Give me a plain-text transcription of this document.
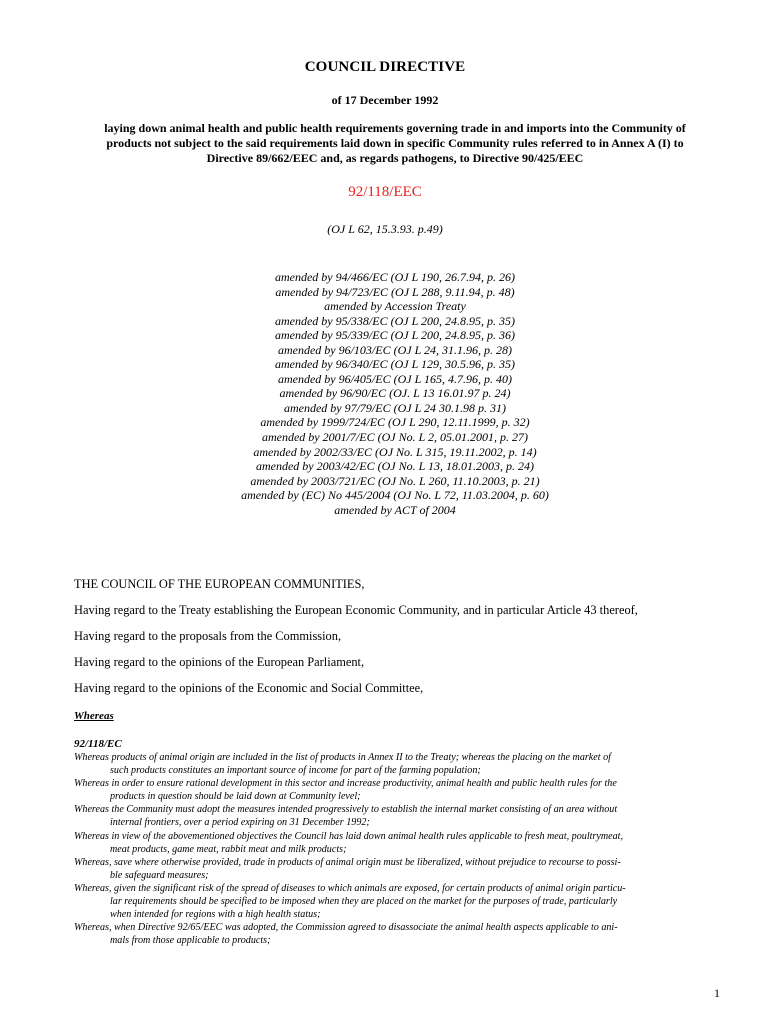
COUNCIL DIRECTIVE
of 17 December 1992
laying down animal health and public health requirements governing trade in and imports into the Community of
products not subject to the said requirements laid down in specific Community rules referred to in Annex A (I) to
Directive 89/662/EEC and, as regards pathogens, to Directive 90/425/EEC
92/118/EEC
(OJ L 62, 15.3.93. p.49)
amended by 94/466/EC (OJ L 190, 26.7.94, p. 26)
amended by 94/723/EC (OJ L 288, 9.11.94, p. 48)
amended by Accession Treaty
amended by 95/338/EC (OJ L 200, 24.8.95, p. 35)
amended by 95/339/EC (OJ L 200, 24.8.95, p. 36)
amended by 96/103/EC (OJ L 24, 31.1.96, p. 28)
amended by 96/340/EC (OJ L 129, 30.5.96, p. 35)
amended by 96/405/EC (OJ L 165, 4.7.96, p. 40)
amended by 96/90/EC (OJ. L 13 16.01.97 p. 24)
amended by 97/79/EC (OJ L 24 30.1.98 p. 31)
amended by 1999/724/EC (OJ L 290, 12.11.1999, p. 32)
amended by 2001/7/EC (OJ No. L 2, 05.01.2001, p. 27)
amended by 2002/33/EC (OJ No. L 315, 19.11.2002, p. 14)
amended by 2003/42/EC (OJ No. L 13, 18.01.2003, p. 24)
amended by 2003/721/EC (OJ No. L 260, 11.10.2003, p. 21)
amended by (EC) No 445/2004 (OJ No. L 72, 11.03.2004, p. 60)
amended by ACT of 2004
THE COUNCIL OF THE EUROPEAN COMMUNITIES,
Having regard to the Treaty establishing the European Economic Community, and in particular Article 43 thereof,
Having regard to the proposals from the Commission,
Having regard to the opinions of the European Parliament,
Having regard to the opinions of the Economic and Social Committee,
Whereas
92/118/EC
Whereas products of animal origin are included in the list of products in Annex II to the Treaty; whereas the placing on the market of
such products constitutes an important source of income for part of the farming population;
Whereas in order to ensure rational development in this sector and increase productivity, animal health and public health rules for the
products in question should be laid down at Community level;
Whereas the Community must adopt the measures intended progressively to establish the internal market consisting of an area without
internal frontiers, over a period expiring on 31 December 1992;
Whereas in view of the abovementioned objectives the Council has laid down animal health rules applicable to fresh meat, poultrymeat,
meat products, game meat, rabbit meat and milk products;
Whereas, save where otherwise provided, trade in products of animal origin must be liberalized, without prejudice to recourse to possi-
ble safeguard measures;
Whereas, given the significant risk of the spread of diseases to which animals are exposed, for certain products of animal origin particu-
lar requirements should be specified to be imposed when they are placed on the market for the purposes of trade, particularly
when intended for regions with a high health status;
Whereas, when Directive 92/65/EEC was adopted, the Commission agreed to disassociate the animal health aspects applicable to ani-
mals from those applicable to products;
1
